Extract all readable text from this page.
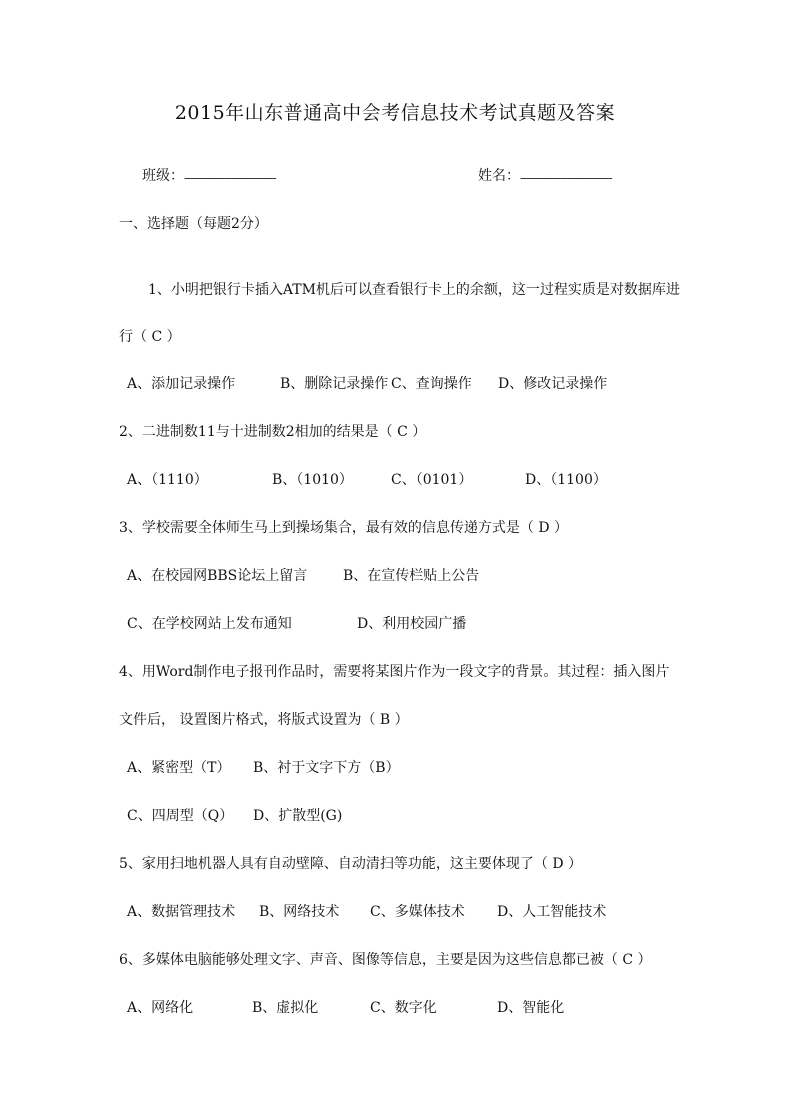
2015年山东普通高中会考信息技术考试真题及答案
班级： ------------------------------	姓名： ------------------------------
一、选择题（每题2分）
1、小明把银行卡插入ATM机后可以查看银行卡上的余额，这一过程实质是对数据库进
行（ C ）
A、添加记录操作	B、删除记录操作 C、查询操作 D、修改记录操作
2、二进制数11与十进制数2相加的结果是（ C ）
A、（1110）	B、（1010）	C、（0101）	D、（1100）
3、学校需要全体师生马上到操场集合，最有效的信息传递方式是（ D ）
A、在校园网BBS论坛上留言	B、在宣传栏贴上公告
C、在学校网站上发布通知	D、利用校园广播
4、用Word制作电子报刊作品时，需要将某图片作为一段文字的背景。其过程：插入图片
文件后， 设置图片格式，将版式设置为（ B ）
A、紧密型（T） B、衬于文字下方（B）
C、四周型（Q） D、扩散型(G)
5、家用扫地机器人具有自动壁障、自动清扫等功能，这主要体现了（ D ）
A、数据管理技术 B、网络技术 C、多媒体技术 D、人工智能技术
6、多媒体电脑能够处理文字、声音、图像等信息，主要是因为这些信息都已被（ C ）
A、网络化	B、虚拟化	C、数字化	D、智能化
